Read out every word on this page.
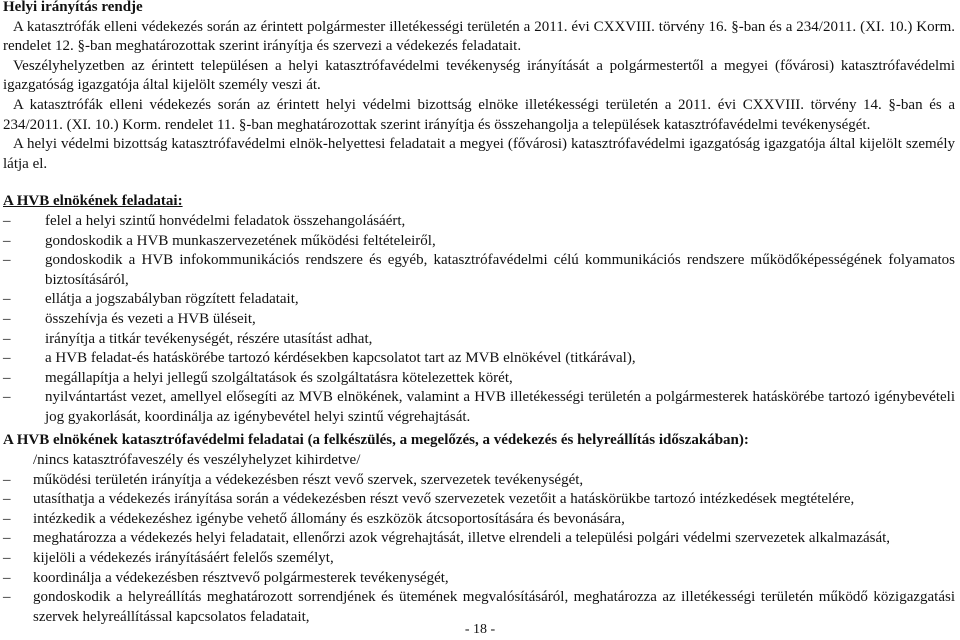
Helyi irányítás rendje

A katasztrófák elleni védekezés során az érintett polgármester illetékességi területén a 2011. évi CXXVIII. törvény 16. §-ban és a 234/2011. (XI. 10.) Korm. rendelet 12. §-ban meghatározottak szerint irányítja és szervezi a védekezés feladatait.

Veszélyhelyzetben az érintett településen a helyi katasztrófavédelmi tevékenység irányítását a polgármestertől a megyei (fővárosi) katasztrófavédelmi igazgatóság igazgatója által kijelölt személy veszi át.

A katasztrófák elleni védekezés során az érintett helyi védelmi bizottság elnöke illetékességi területén a 2011. évi CXXVIII. törvény 14. §-ban és a 234/2011. (XI. 10.) Korm. rendelet 11. §-ban meghatározottak szerint irányítja és összehangolja a települések katasztrófavédelmi tevékenységét.

A helyi védelmi bizottság katasztrófavédelmi elnök-helyettesi feladatait a megyei (fővárosi) katasztrófavédelmi igazgatóság igazgatója által kijelölt személy látja el.

A HVB elnökének feladatai:

– felel a helyi szintű honvédelmi feladatok összehangolásáért,
– gondoskodik a HVB munkaszervezetének működési feltételeiről,
– gondoskodik a HVB infokommunikációs rendszere és egyéb, katasztrófavédelmi célú kommunikációs rendszere működőképességének folyamatos biztosításáról,
– ellátja a jogszabályban rögzített feladatait,
– összehívja és vezeti a HVB üléseit,
– irányítja a titkár tevékenységét, részére utasítást adhat,
– a HVB feladat-és hatáskörébe tartozó kérdésekben kapcsolatot tart az MVB elnökével (titkárával),
– megállapítja a helyi jellegű szolgáltatások és szolgáltatásra kötelezettek körét,
– nyilvántartást vezet, amellyel elősegíti az MVB elnökének, valamint a HVB illetékességi területén a polgármesterek hatáskörébe tartozó igénybevételi jog gyakorlását, koordinálja az igénybevétel helyi szintű végrehajtását.

A HVB elnökének katasztrófavédelmi feladatai (a felkészülés, a megelőzés, a védekezés és helyreállítás időszakában):

/nincs katasztrófaveszély és veszélyhelyzet kihirdetve/

– működési területén irányítja a védekezésben részt vevő szervek, szervezetek tevékenységét,
– utasíthatja a védekezés irányítása során a védekezésben részt vevő szervezetek vezetőit a hatáskörükbe tartozó intézkedések megtételére,
– intézkedik a védekezéshez igénybe vehető állomány és eszközök átcsoportosítására és bevonására,
– meghatározza a védekezés helyi feladatait, ellenőrzi azok végrehajtását, illetve elrendeli a települési polgári védelmi szervezetek alkalmazását,
– kijelöli a védekezés irányításáért felelős személyt,
– koordinálja a védekezésben résztvevő polgármesterek tevékenységét,
– gondoskodik a helyreállítás meghatározott sorrendjének és ütemének megvalósításáról, meghatározza az illetékességi területén működő közigazgatási szervek helyreállítással kapcsolatos feladatait,
- 18 -
